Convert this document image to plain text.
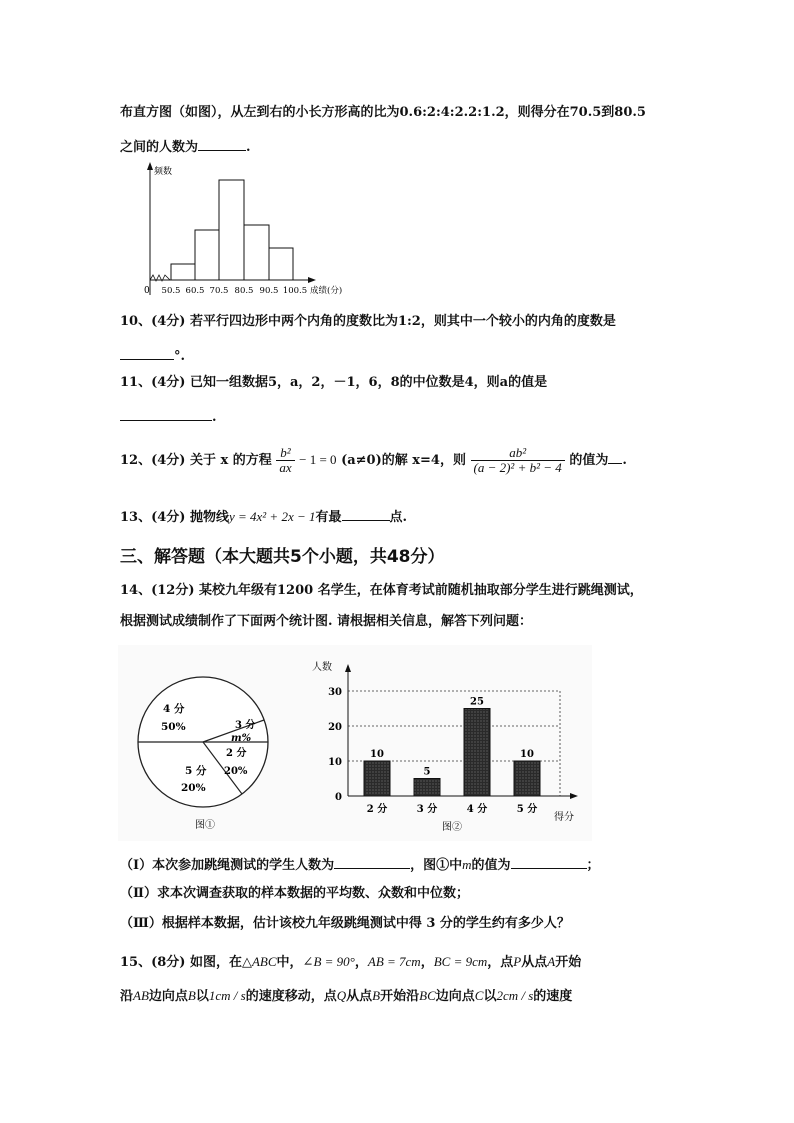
布直方图（如图），从左到右的小长方形高的比为0.6:2:4:2.2:1.2，则得分在70.5到80.5
之间的人数为	.
频数
0 50.5 60.5 70.5 80.5 90.5 100.5 成绩(分)
10、(4分) 若平行四边形中两个内角的度数比为1:2，则其中一个较小的内角的度数是
°.
11、(4分) 已知一组数据5，a，2，－1，6，8的中位数是4，则a的值是
.
12、(4分) 关于 x 的方程 $\frac{\text{b²}}{ax} - 1 = 0$ (a≠0)的解 x=4，则 $\frac{\text{ab²}}{\text{(a − 2)² + b² − 4}}$ 的值为 .
13、(4分) 抛物线y = 4x² + 2x − 1有最	点.
三、解答题（本大题共5个小题，共48分）
14、(12分) 某校九年级有1200 名学生，在体育考试前随机抽取部分学生进行跳绳测试，
根据测试成绩制作了下面两个统计图. 请根据相关信息，解答下列问题：
4 分
50%	3 分
m%
2 分
20%
5 分
20%
图①
人数
0
10
20
30
10
2 分
5
3 分
25
4 分
10
5 分
得分
图②
（Ⅰ）本次参加跳绳测试的学生人数为	，图①中m的值为	；
（Ⅱ）求本次调查获取的样本数据的平均数、众数和中位数；
（Ⅲ）根据样本数据，估计该校九年级跳绳测试中得 3 分的学生约有多少人？
15、(8分) 如图，在△ABC中，∠B = 90°，AB = 7cm，BC = 9cm，点P从点A开始
沿AB边向点B以1cm / s的速度移动，点Q从点B开始沿BC边向点C以2cm / s的速度
